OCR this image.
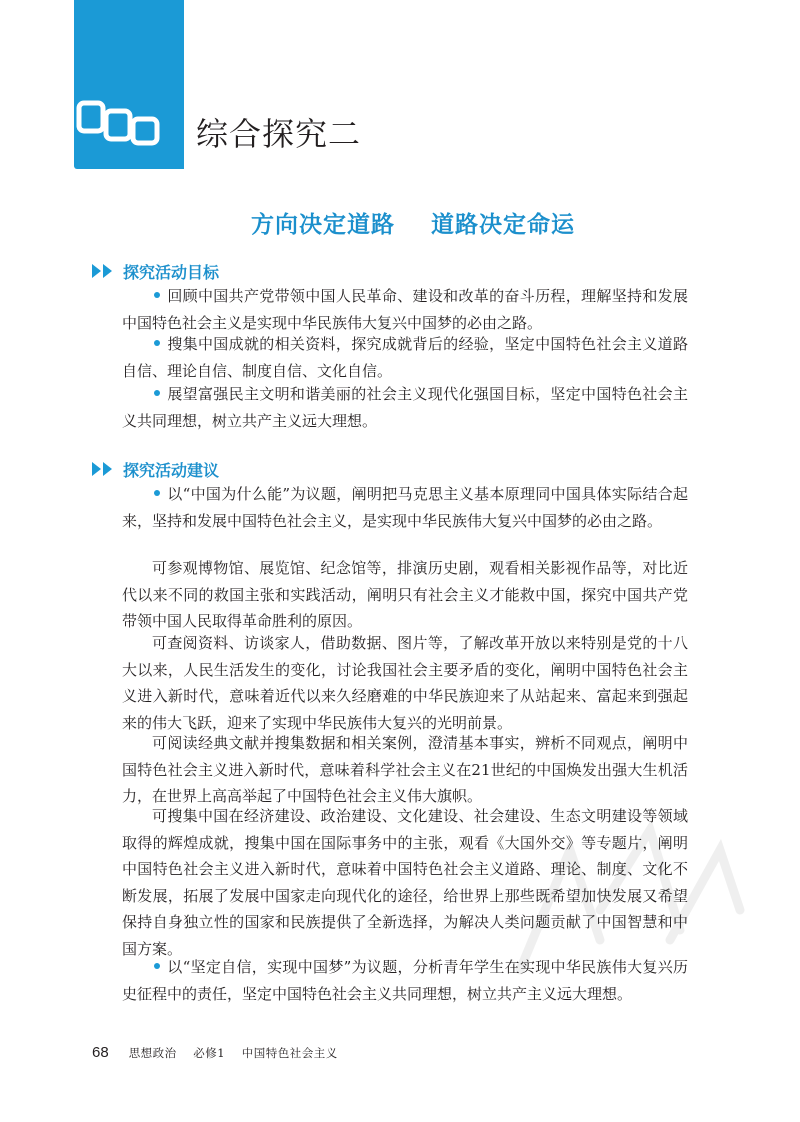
综合探究二
方向决定道路    道路决定命运
探究活动目标

回顾中国共产党带领中国人民革命、建设和改革的奋斗历程，理解坚持和发展中国特色社会主义是实现中华民族伟大复兴中国梦的必由之路。

搜集中国成就的相关资料，探究成就背后的经验，坚定中国特色社会主义道路自信、理论自信、制度自信、文化自信。

展望富强民主文明和谐美丽的社会主义现代化强国目标，坚定中国特色社会主义共同理想，树立共产主义远大理想。

探究活动建议

以“中国为什么能”为议题，阐明把马克思主义基本原理同中国具体实际结合起来，坚持和发展中国特色社会主义，是实现中华民族伟大复兴中国梦的必由之路。

可参观博物馆、展览馆、纪念馆等，排演历史剧，观看相关影视作品等，对比近代以来不同的救国主张和实践活动，阐明只有社会主义才能救中国，探究中国共产党带领中国人民取得革命胜利的原因。

可查阅资料、访谈家人，借助数据、图片等，了解改革开放以来特别是党的十八大以来，人民生活发生的变化，讨论我国社会主要矛盾的变化，阐明中国特色社会主义进入新时代，意味着近代以来久经磨难的中华民族迎来了从站起来、富起来到强起来的伟大飞跃，迎来了实现中华民族伟大复兴的光明前景。

可阅读经典文献并搜集数据和相关案例，澄清基本事实，辨析不同观点，阐明中国特色社会主义进入新时代，意味着科学社会主义在21世纪的中国焕发出强大生机活力，在世界上高高举起了中国特色社会主义伟大旗帜。

可搜集中国在经济建设、政治建设、文化建设、社会建设、生态文明建设等领域取得的辉煌成就，搜集中国在国际事务中的主张，观看《大国外交》等专题片，阐明中国特色社会主义进入新时代，意味着中国特色社会主义道路、理论、制度、文化不断发展，拓展了发展中国家走向现代化的途径，给世界上那些既希望加快发展又希望保持自身独立性的国家和民族提供了全新选择，为解决人类问题贡献了中国智慧和中国方案。

以“坚定自信，实现中国梦”为议题，分析青年学生在实现中华民族伟大复兴历史征程中的责任，坚定中国特色社会主义共同理想，树立共产主义远大理想。

68 思想政治    必修1    中国特色社会主义
